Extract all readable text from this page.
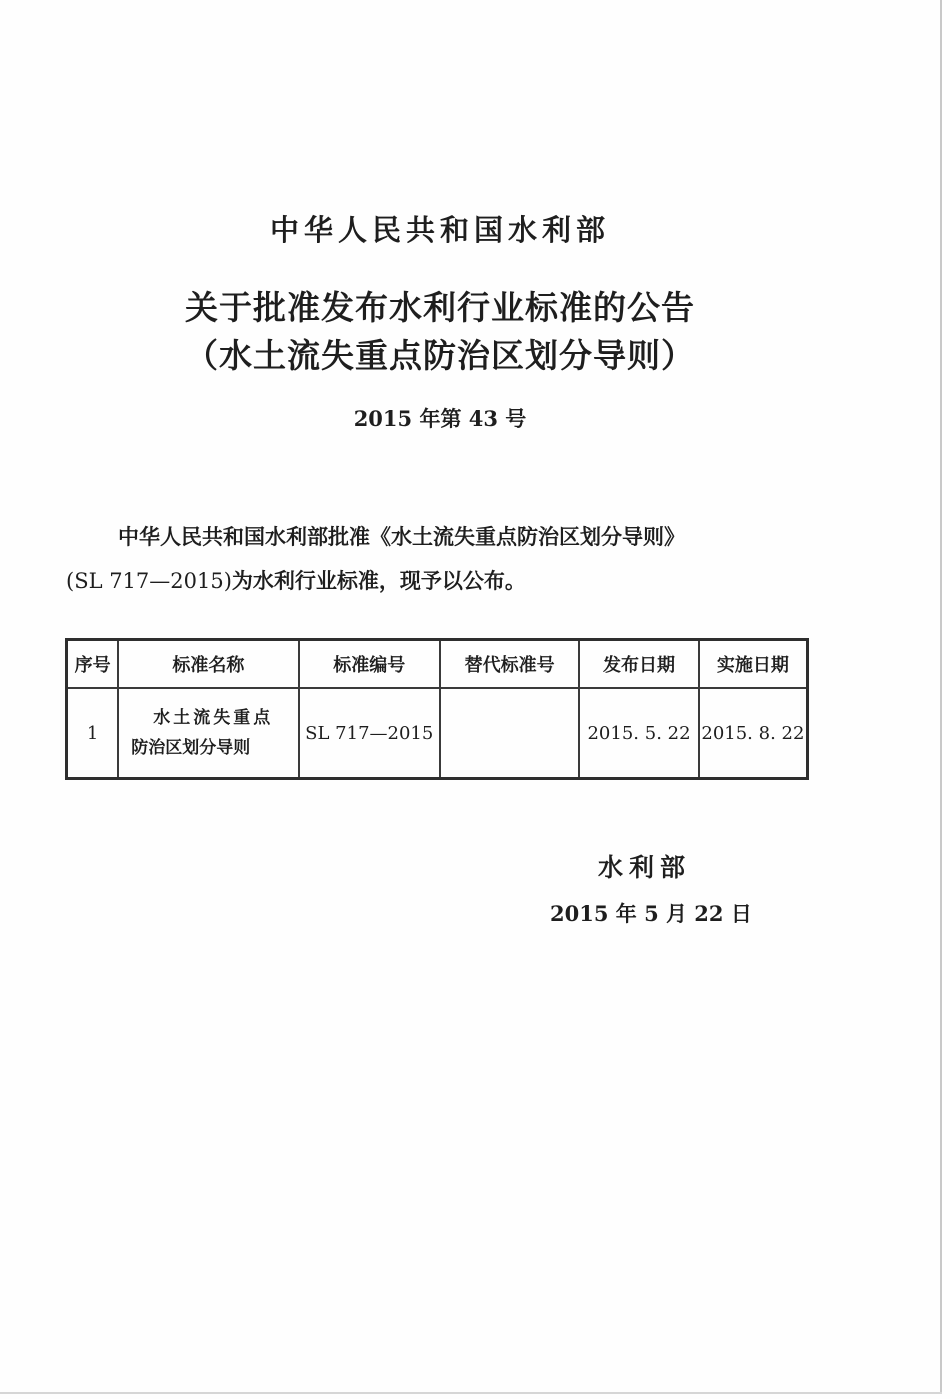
中华人民共和国水利部
关于批准发布水利行业标准的公告
（水土流失重点防治区划分导则）
2015 年第 43 号
中华人民共和国水利部批准《水土流失重点防治区划分导则》
(SL 717—2015)为水利行业标准，现予以公布。
序号	标准名称	标准编号	替代标准号	发布日期	实施日期
1	水土流失重点
防治区划分导则	SL 717—2015		2015. 5. 22	2015. 8. 22
水利部
2015 年 5 月 22 日
